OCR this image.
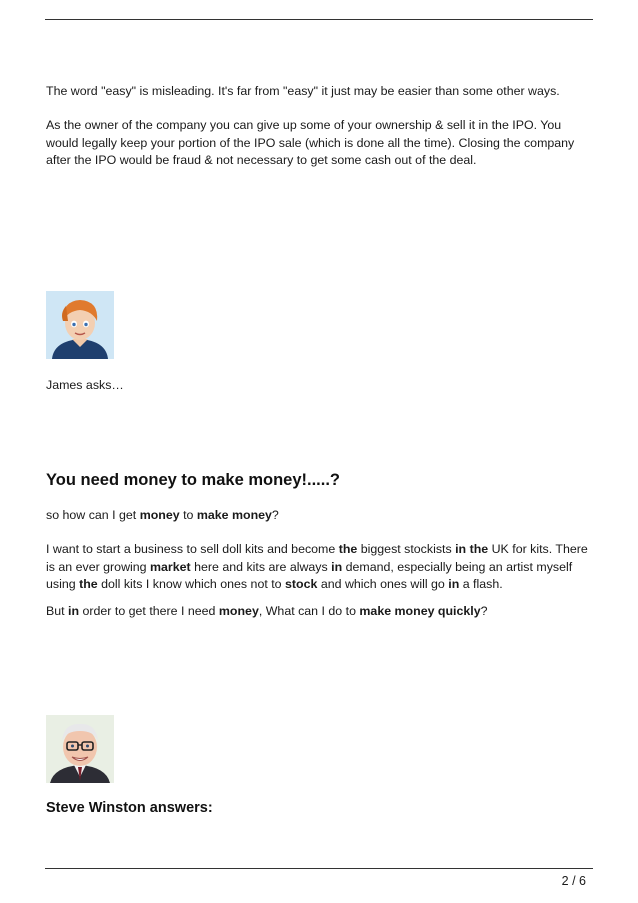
The word "easy" is misleading. It's far from "easy" it just may be easier than some other ways.

As the owner of the company you can give up some of your ownership & sell it in the IPO. You would legally keep your portion of the IPO sale (which is done all the time). Closing the company after the IPO would be fraud & not necessary to get some cash out of the deal.

James asks…

You need money to make money!.....?

so how can I get money to make money?

I want to start a business to sell doll kits and become the biggest stockists in the UK for kits. There is an ever growing market here and kits are always in demand, especially being an artist myself using the doll kits I know which ones not to stock and which ones will go in a flash.

But in order to get there I need money, What can I do to make money quickly?

Steve Winston answers:
2 / 6
